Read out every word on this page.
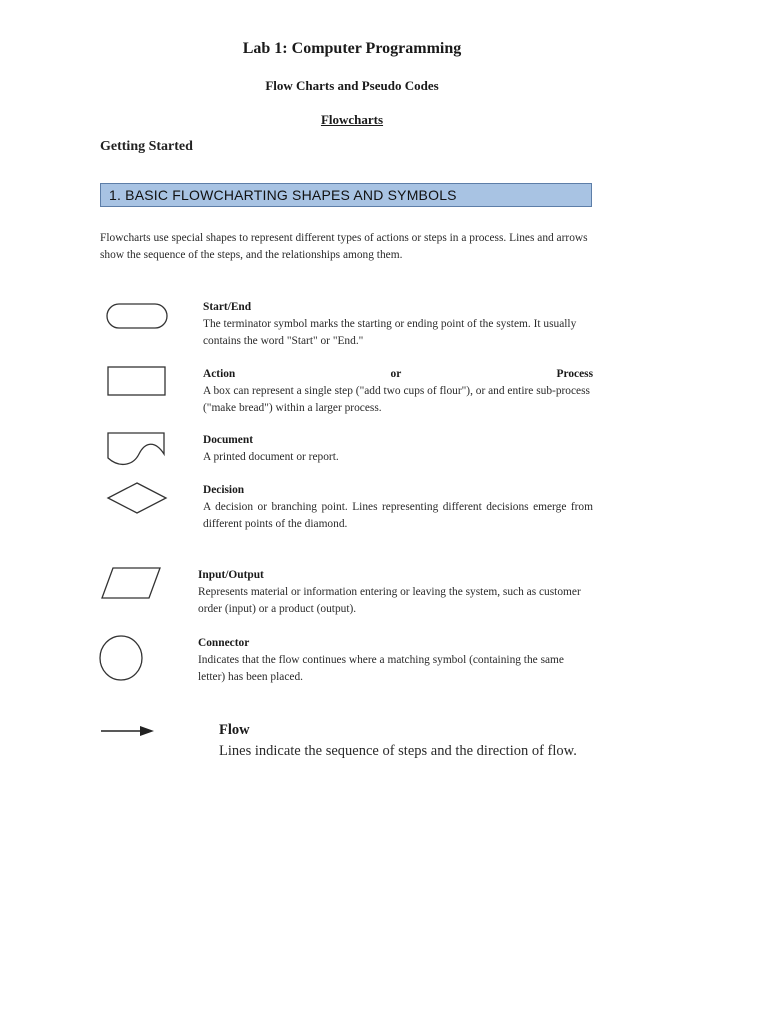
Lab 1: Computer Programming
Flow Charts and Pseudo Codes
Flowcharts
Getting Started
1. BASIC FLOWCHARTING SHAPES AND SYMBOLS
Flowcharts use special shapes to represent different types of actions or steps in a process. Lines and arrows show the sequence of the steps, and the relationships among them.
Start/End
The terminator symbol marks the starting or ending point of the system. It usually contains the word "Start" or "End."
Action	or	Process
A box can represent a single step ("add two cups of flour"), or and entire sub-process ("make bread") within a larger process.
Document
A printed document or report.
Decision
A decision or branching point. Lines representing different decisions emerge from different points of the diamond.
Input/Output
Represents material or information entering or leaving the system, such as customer order (input) or a product (output).
Connector
Indicates that the flow continues where a matching symbol (containing the same letter) has been placed.
Flow
Lines indicate the sequence of steps and the direction of flow.
